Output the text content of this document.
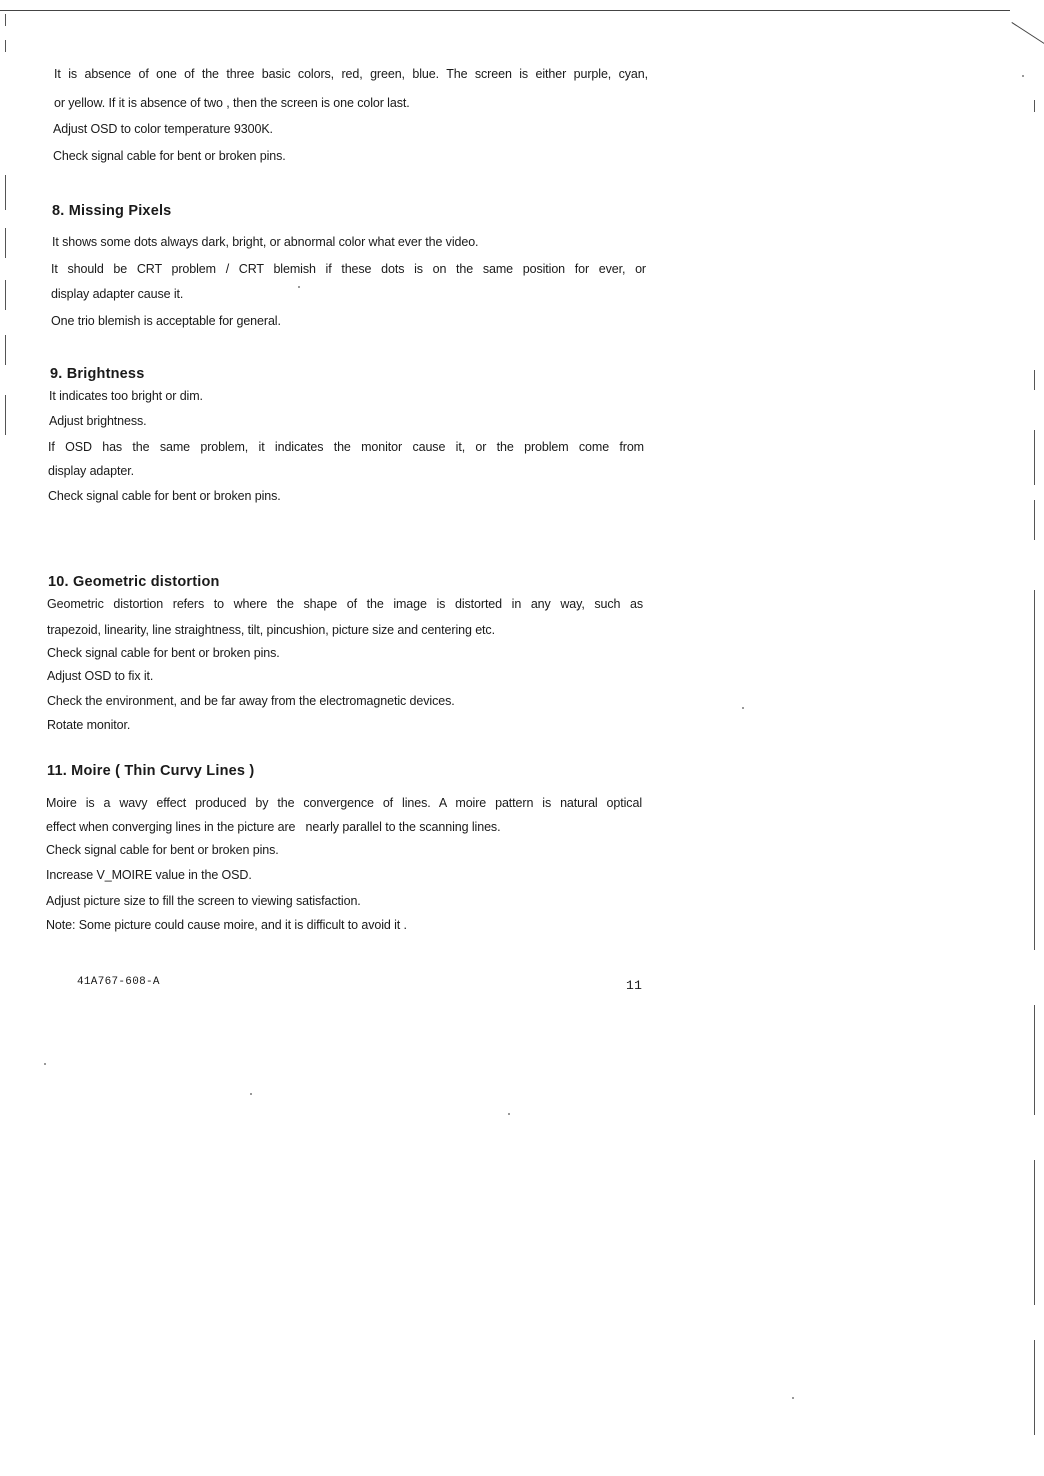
It is absence of one of the three basic colors, red, green, blue. The screen is either purple, cyan,
or yellow. If it is absence of two , then the screen is one color last.
Adjust OSD to color temperature 9300K.
Check signal cable for bent or broken pins.
8. Missing Pixels
It shows some dots always dark, bright, or abnormal color what ever the video.
It should be CRT problem / CRT blemish if these dots is on the same position for ever, or
display adapter cause it.
One trio blemish is acceptable for general.
9. Brightness
It indicates too bright or dim.
Adjust brightness.
If OSD has the same problem, it indicates the monitor cause it, or the problem come from
display adapter.
Check signal cable for bent or broken pins.
10. Geometric distortion
Geometric distortion refers to where the shape of the image is distorted in any way, such as
trapezoid, linearity, line straightness, tilt, pincushion, picture size and centering etc.
Check signal cable for bent or broken pins.
Adjust OSD to fix it.
Check the environment, and be far away from the electromagnetic devices.
Rotate monitor.
11. Moire ( Thin Curvy Lines )
Moire is a wavy effect produced by the convergence of lines. A moire pattern is natural optical
effect when converging lines in the picture are   nearly parallel to the scanning lines.
Check signal cable for bent or broken pins.
Increase V_MOIRE value in the OSD.
Adjust picture size to fill the screen to viewing satisfaction.
Note: Some picture could cause moire, and it is difficult to avoid it .
41A767-608-A	11
